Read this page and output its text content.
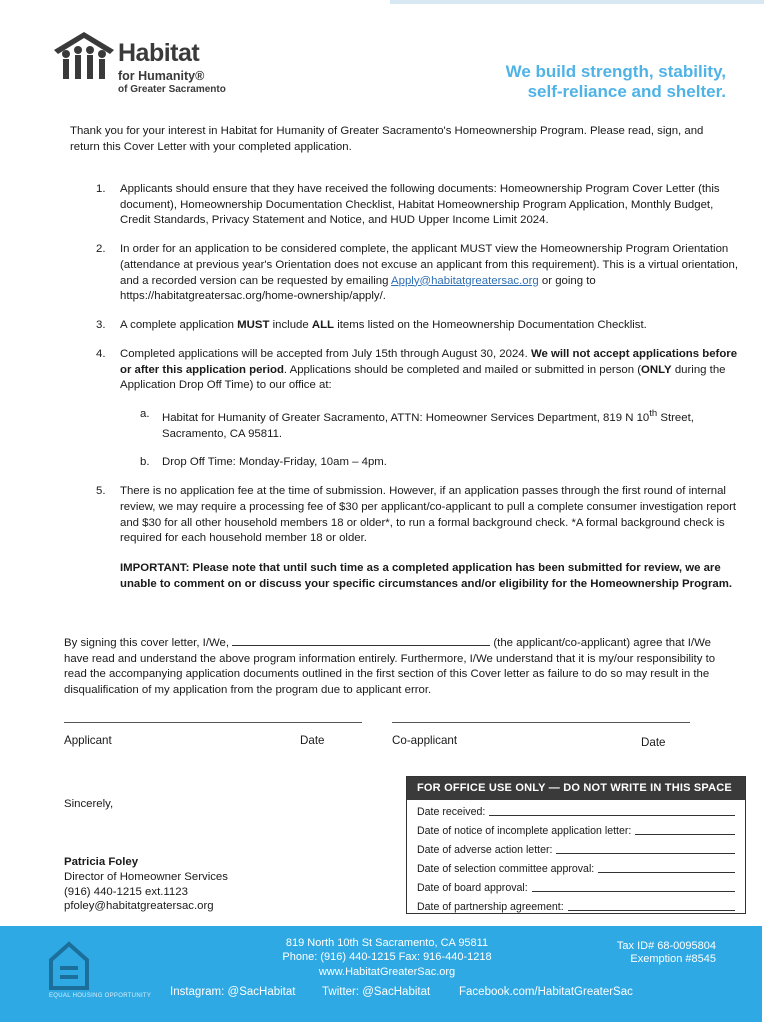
Habitat
for Humanity®
of Greater Sacramento
We build strength, stability,
self-reliance and shelter.

Thank you for your interest in Habitat for Humanity of Greater Sacramento's Homeownership Program. Please read, sign, and return this Cover Letter with your completed application.

1. Applicants should ensure that they have received the following documents: Homeownership Program Cover Letter (this document), Homeownership Documentation Checklist, Habitat Homeownership Program Application, Monthly Budget, Credit Standards, Privacy Statement and Notice, and HUD Upper Income Limit 2024.
2. In order for an application to be considered complete, the applicant MUST view the Homeownership Program Orientation (attendance at previous year's Orientation does not excuse an applicant from this requirement). This is a virtual orientation, and a recorded version can be requested by emailing Apply@habitatgreatersac.org or going to https://habitatgreatersac.org/home-ownership/apply/.
3. A complete application MUST include ALL items listed on the Homeownership Documentation Checklist.
4. Completed applications will be accepted from July 15th through August 30, 2024. We will not accept applications before or after this application period. Applications should be completed and mailed or submitted in person (ONLY during the Application Drop Off Time) to our office at:
a. Habitat for Humanity of Greater Sacramento, ATTN: Homeowner Services Department, 819 N 10th Street, Sacramento, CA 95811.
b. Drop Off Time: Monday-Friday, 10am – 4pm.
5. There is no application fee at the time of submission. However, if an application passes through the first round of internal review, we may require a processing fee of $30 per applicant/co-applicant to pull a complete consumer investigation report and $30 for all other household members 18 or older*, to run a formal background check. *A formal background check is required for each household member 18 or older.

IMPORTANT: Please note that until such time as a completed application has been submitted for review, we are unable to comment on or discuss your specific circumstances and/or eligibility for the Homeownership Program.

By signing this cover letter, I/We,	(the applicant/co-applicant) agree that I/We have read and understand the above program information entirely. Furthermore, I/We understand that it is my/our responsibility to read the accompanying application documents outlined in the first section of this Cover letter as failure to do so may result in the disqualification of my application from the program due to applicant error.

Applicant	Date	Co-applicant	Date
FOR OFFICE USE ONLY — DO NOT WRITE IN THIS SPACE
Date received:
Date of notice of incomplete application letter:
Date of adverse action letter:
Date of selection committee approval:
Date of board approval:
Date of partnership agreement:
Sincerely,
Patricia Foley
Director of Homeowner Services
(916) 440-1215 ext.1123
pfoley@habitatgreatersac.org
EQUAL HOUSING OPPORTUNITY
819 North 10th St Sacramento, CA 95811
Phone: (916) 440-1215 Fax: 916-440-1218
www.HabitatGreaterSac.org
Tax ID# 68-0095804
Exemption #8545
Instagram: @SacHabitat Twitter: @SacHabitat	Facebook.com/HabitatGreaterSac
